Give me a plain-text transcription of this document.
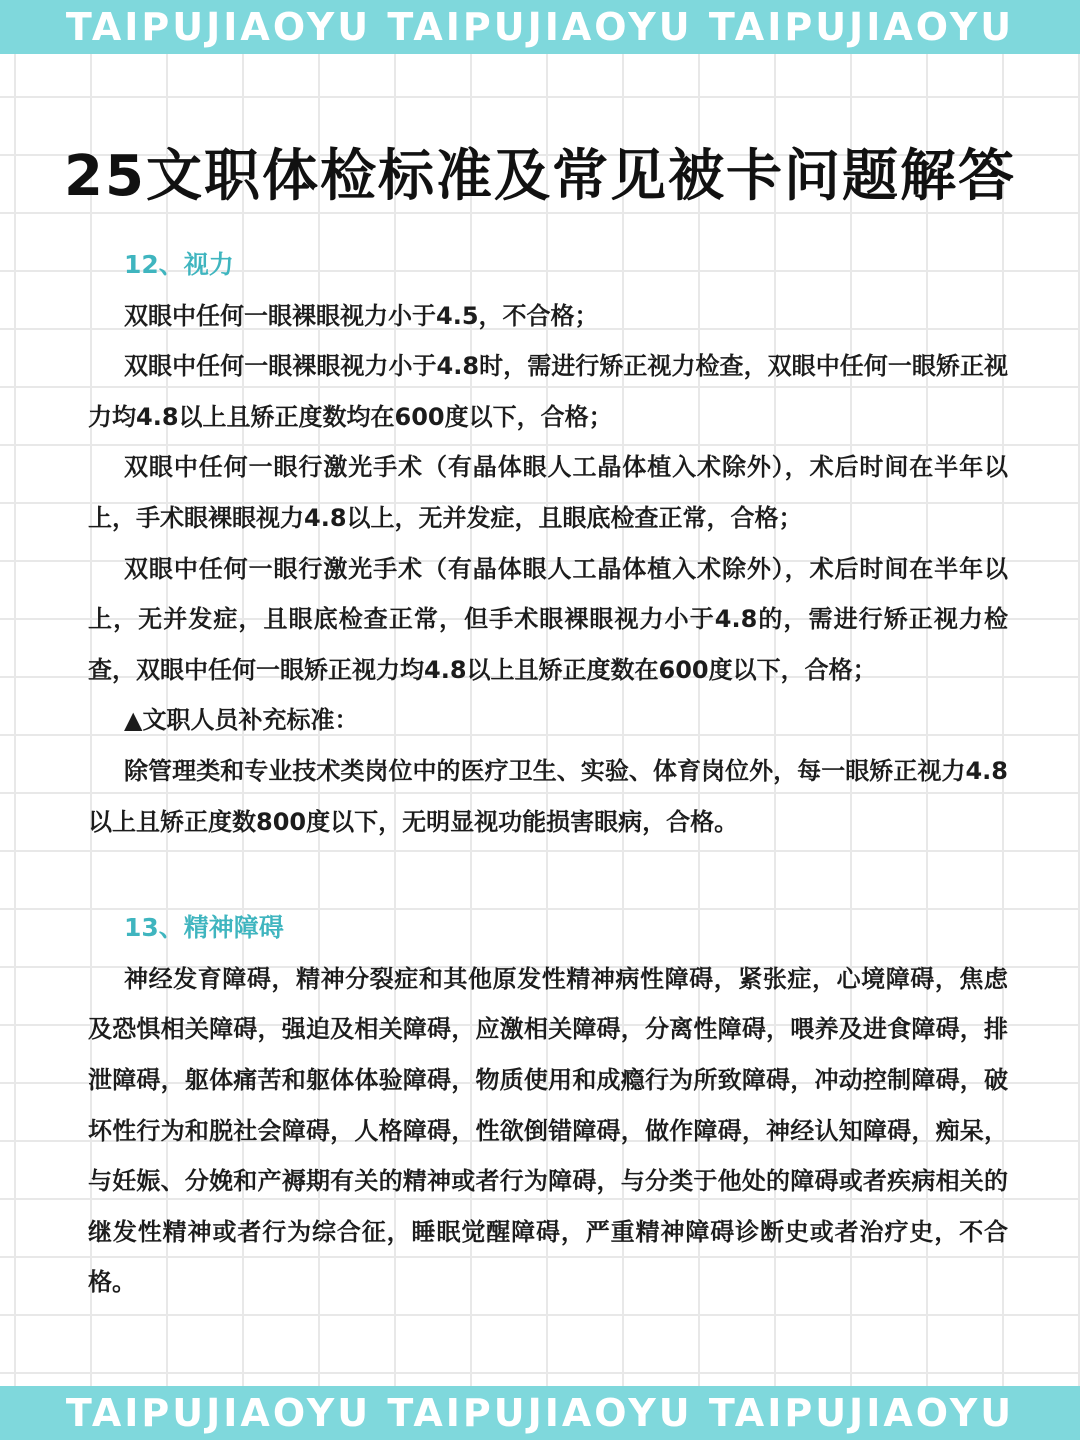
TAIPUJIAOYU TAIPUJIAOYU TAIPUJIAOYU
25文职体检标准及常见被卡问题解答
12、视力

双眼中任何一眼裸眼视力小于4.5，不合格；

双眼中任何一眼裸眼视力小于4.8时，需进行矫正视力检查，双眼中任何一眼矫正视力均4.8以上且矫正度数均在600度以下，合格；

双眼中任何一眼行激光手术（有晶体眼人工晶体植入术除外），术后时间在半年以上，手术眼裸眼视力4.8以上，无并发症，且眼底检查正常，合格；

双眼中任何一眼行激光手术（有晶体眼人工晶体植入术除外），术后时间在半年以上，无并发症，且眼底检查正常，但手术眼裸眼视力小于4.8的，需进行矫正视力检查，双眼中任何一眼矫正视力均4.8以上且矫正度数在600度以下，合格；

▲文职人员补充标准：

除管理类和专业技术类岗位中的医疗卫生、实验、体育岗位外，每一眼矫正视力4.8以上且矫正度数800度以下，无明显视功能损害眼病，合格。

13、精神障碍

神经发育障碍，精神分裂症和其他原发性精神病性障碍，紧张症，心境障碍，焦虑及恐惧相关障碍，强迫及相关障碍，应激相关障碍，分离性障碍，喂养及进食障碍，排泄障碍，躯体痛苦和躯体体验障碍，物质使用和成瘾行为所致障碍，冲动控制障碍，破坏性行为和脱社会障碍，人格障碍，性欲倒错障碍，做作障碍，神经认知障碍，痴呆，与妊娠、分娩和产褥期有关的精神或者行为障碍，与分类于他处的障碍或者疾病相关的继发性精神或者行为综合征，睡眠觉醒障碍，严重精神障碍诊断史或者治疗史，不合格。

TAIPUJIAOYU TAIPUJIAOYU TAIPUJIAOYU
